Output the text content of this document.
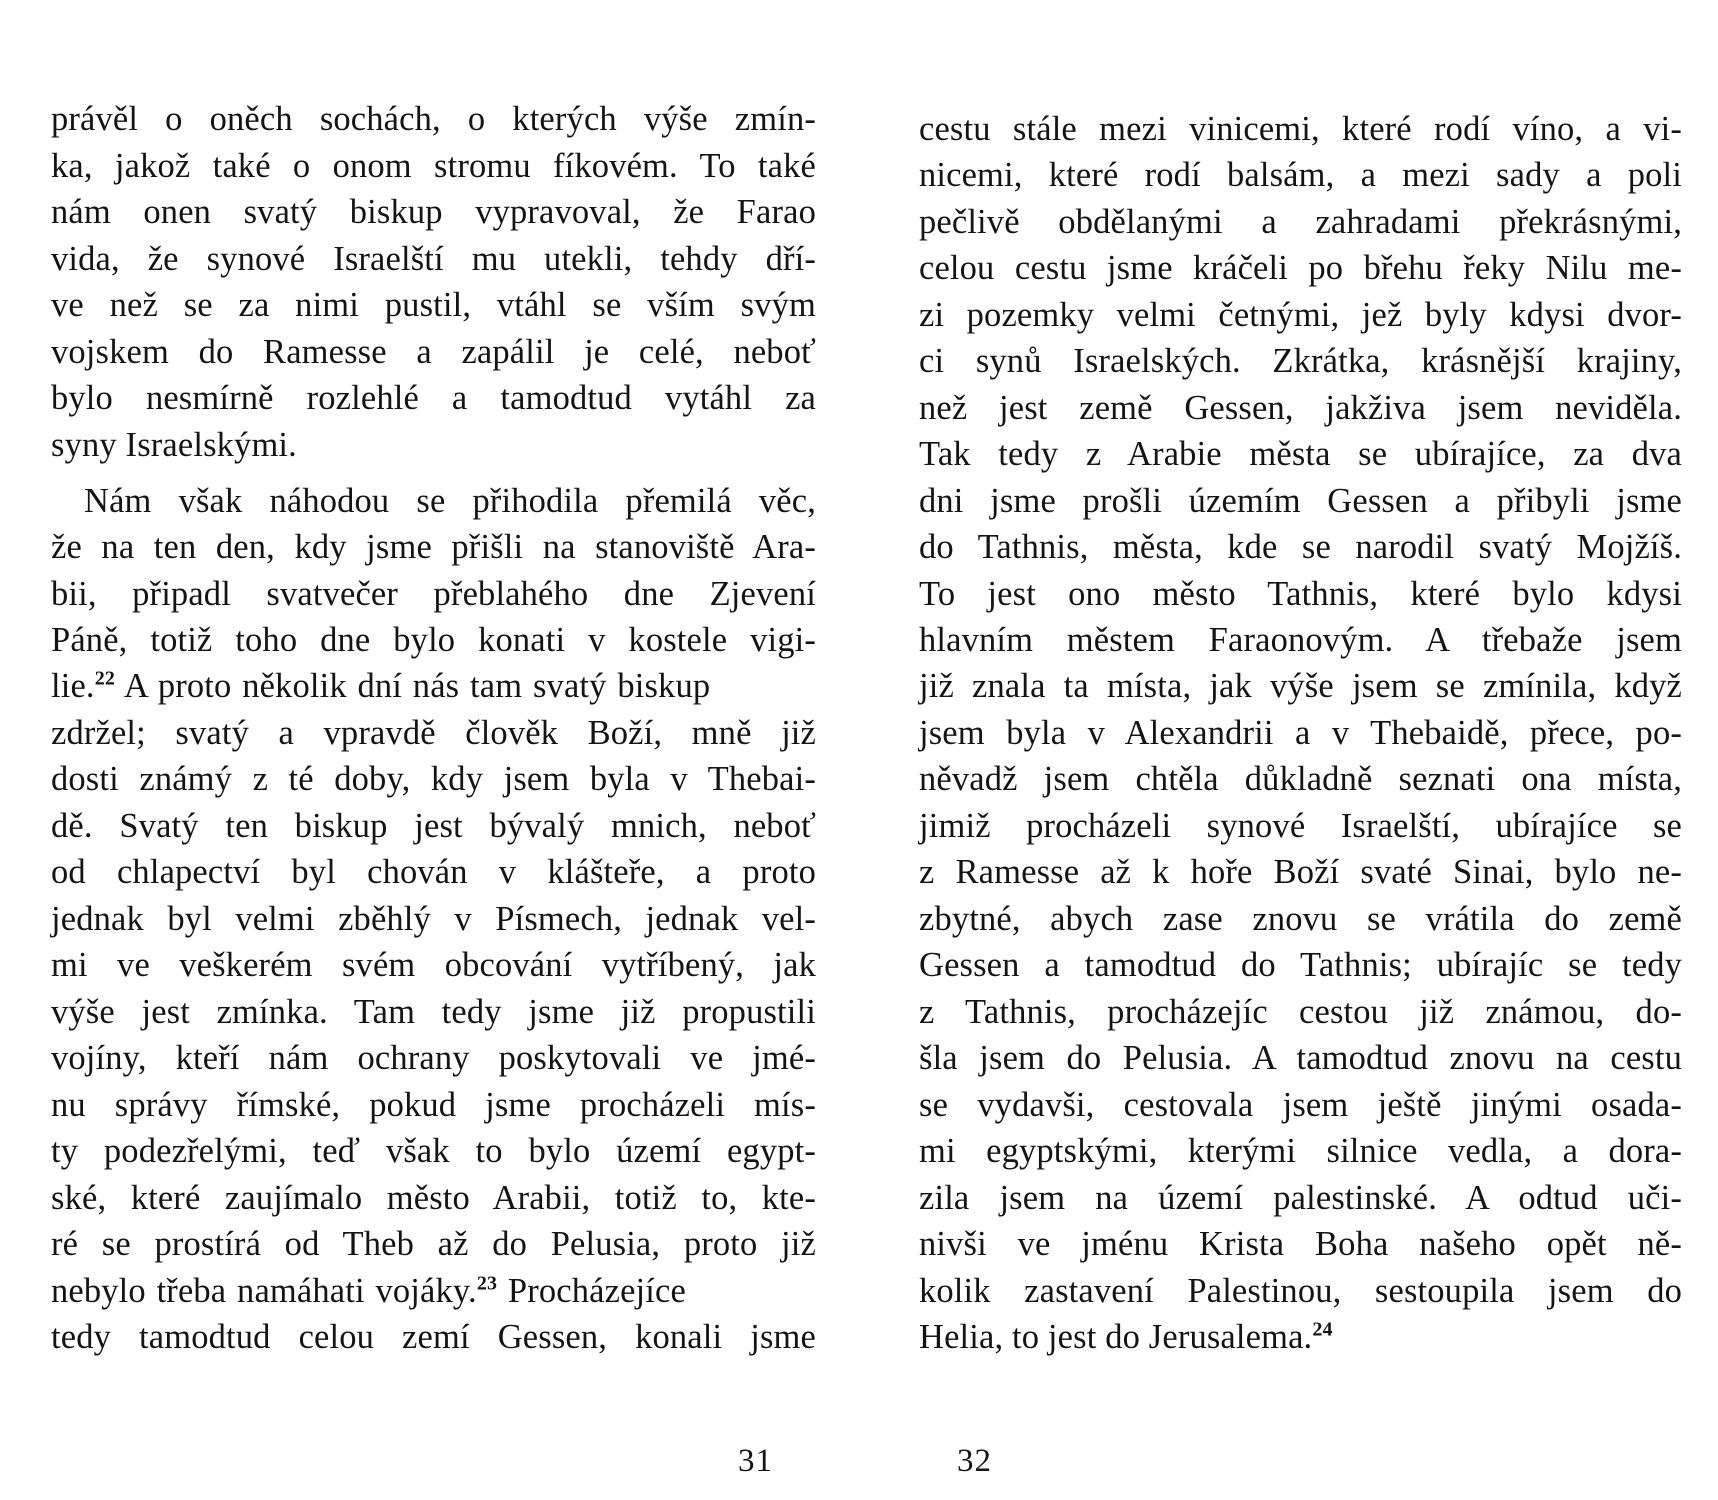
právěl o oněch sochách, o kterých výše zmín-
ka, jakož také o onom stromu fíkovém. To také
nám onen svatý biskup vypravoval, že Farao
vida, že synové Israelští mu utekli, tehdy dří-
ve než se za nimi pustil, vtáhl se vším svým
vojskem do Ramesse a zapálil je celé, neboť
bylo nesmírně rozlehlé a tamodtud vytáhl za
syny Israelskými.
Nám však náhodou se přihodila přemilá věc,
že na ten den, kdy jsme přišli na stanoviště Ara-
bii, připadl svatvečer přeblahého dne Zjevení
Páně, totiž toho dne bylo konati v kostele vigi-
lie.$^{22}$ A proto několik dní nás tam svatý biskup
zdržel; svatý a vpravdě člověk Boží, mně již
dosti známý z té doby, kdy jsem byla v Thebai-
dě. Svatý ten biskup jest bývalý mnich, neboť
od chlapectví byl chován v klášteře, a proto
jednak byl velmi zběhlý v Písmech, jednak vel-
mi ve veškerém svém obcování vytříbený, jak
výše jest zmínka. Tam tedy jsme již propustili
vojíny, kteří nám ochrany poskytovali ve jmé-
nu správy římské, pokud jsme procházeli mís-
ty podezřelými, teď však to bylo území egypt-
ské, které zaujímalo město Arabii, totiž to, kte-
ré se prostírá od Theb až do Pelusia, proto již
nebylo třeba namáhati vojáky.$^{23}$ Procházejíce
tedy tamodtud celou zemí Gessen, konali jsme
31
cestu stále mezi vinicemi, které rodí víno, a vi-
nicemi, které rodí balsám, a mezi sady a poli
pečlivě obdělanými a zahradami překrásnými,
celou cestu jsme kráčeli po břehu řeky Nilu me-
zi pozemky velmi četnými, jež byly kdysi dvor-
ci synů Israelských. Zkrátka, krásnější krajiny,
než jest země Gessen, jakživa jsem neviděla.
Tak tedy z Arabie města se ubírajíce, za dva
dni jsme prošli územím Gessen a přibyli jsme
do Tathnis, města, kde se narodil svatý Mojžíš.
To jest ono město Tathnis, které bylo kdysi
hlavním městem Faraonovým. A třebaže jsem
již znala ta místa, jak výše jsem se zmínila, když
jsem byla v Alexandrii a v Thebaidě, přece, po-
něvadž jsem chtěla důkladně seznati ona místa,
jimiž procházeli synové Israelští, ubírajíce se
z Ramesse až k hoře Boží svaté Sinai, bylo ne-
zbytné, abych zase znovu se vrátila do země
Gessen a tamodtud do Tathnis; ubírajíc se tedy
z Tathnis, procházejíc cestou již známou, do-
šla jsem do Pelusia. A tamodtud znovu na cestu
se vydavši, cestovala jsem ještě jinými osada-
mi egyptskými, kterými silnice vedla, a dora-
zila jsem na území palestinské. A odtud uči-
nivši ve jménu Krista Boha našeho opět ně-
kolik zastavení Palestinou, sestoupila jsem do
Helia, to jest do Jerusalema.$^{24}$
32
